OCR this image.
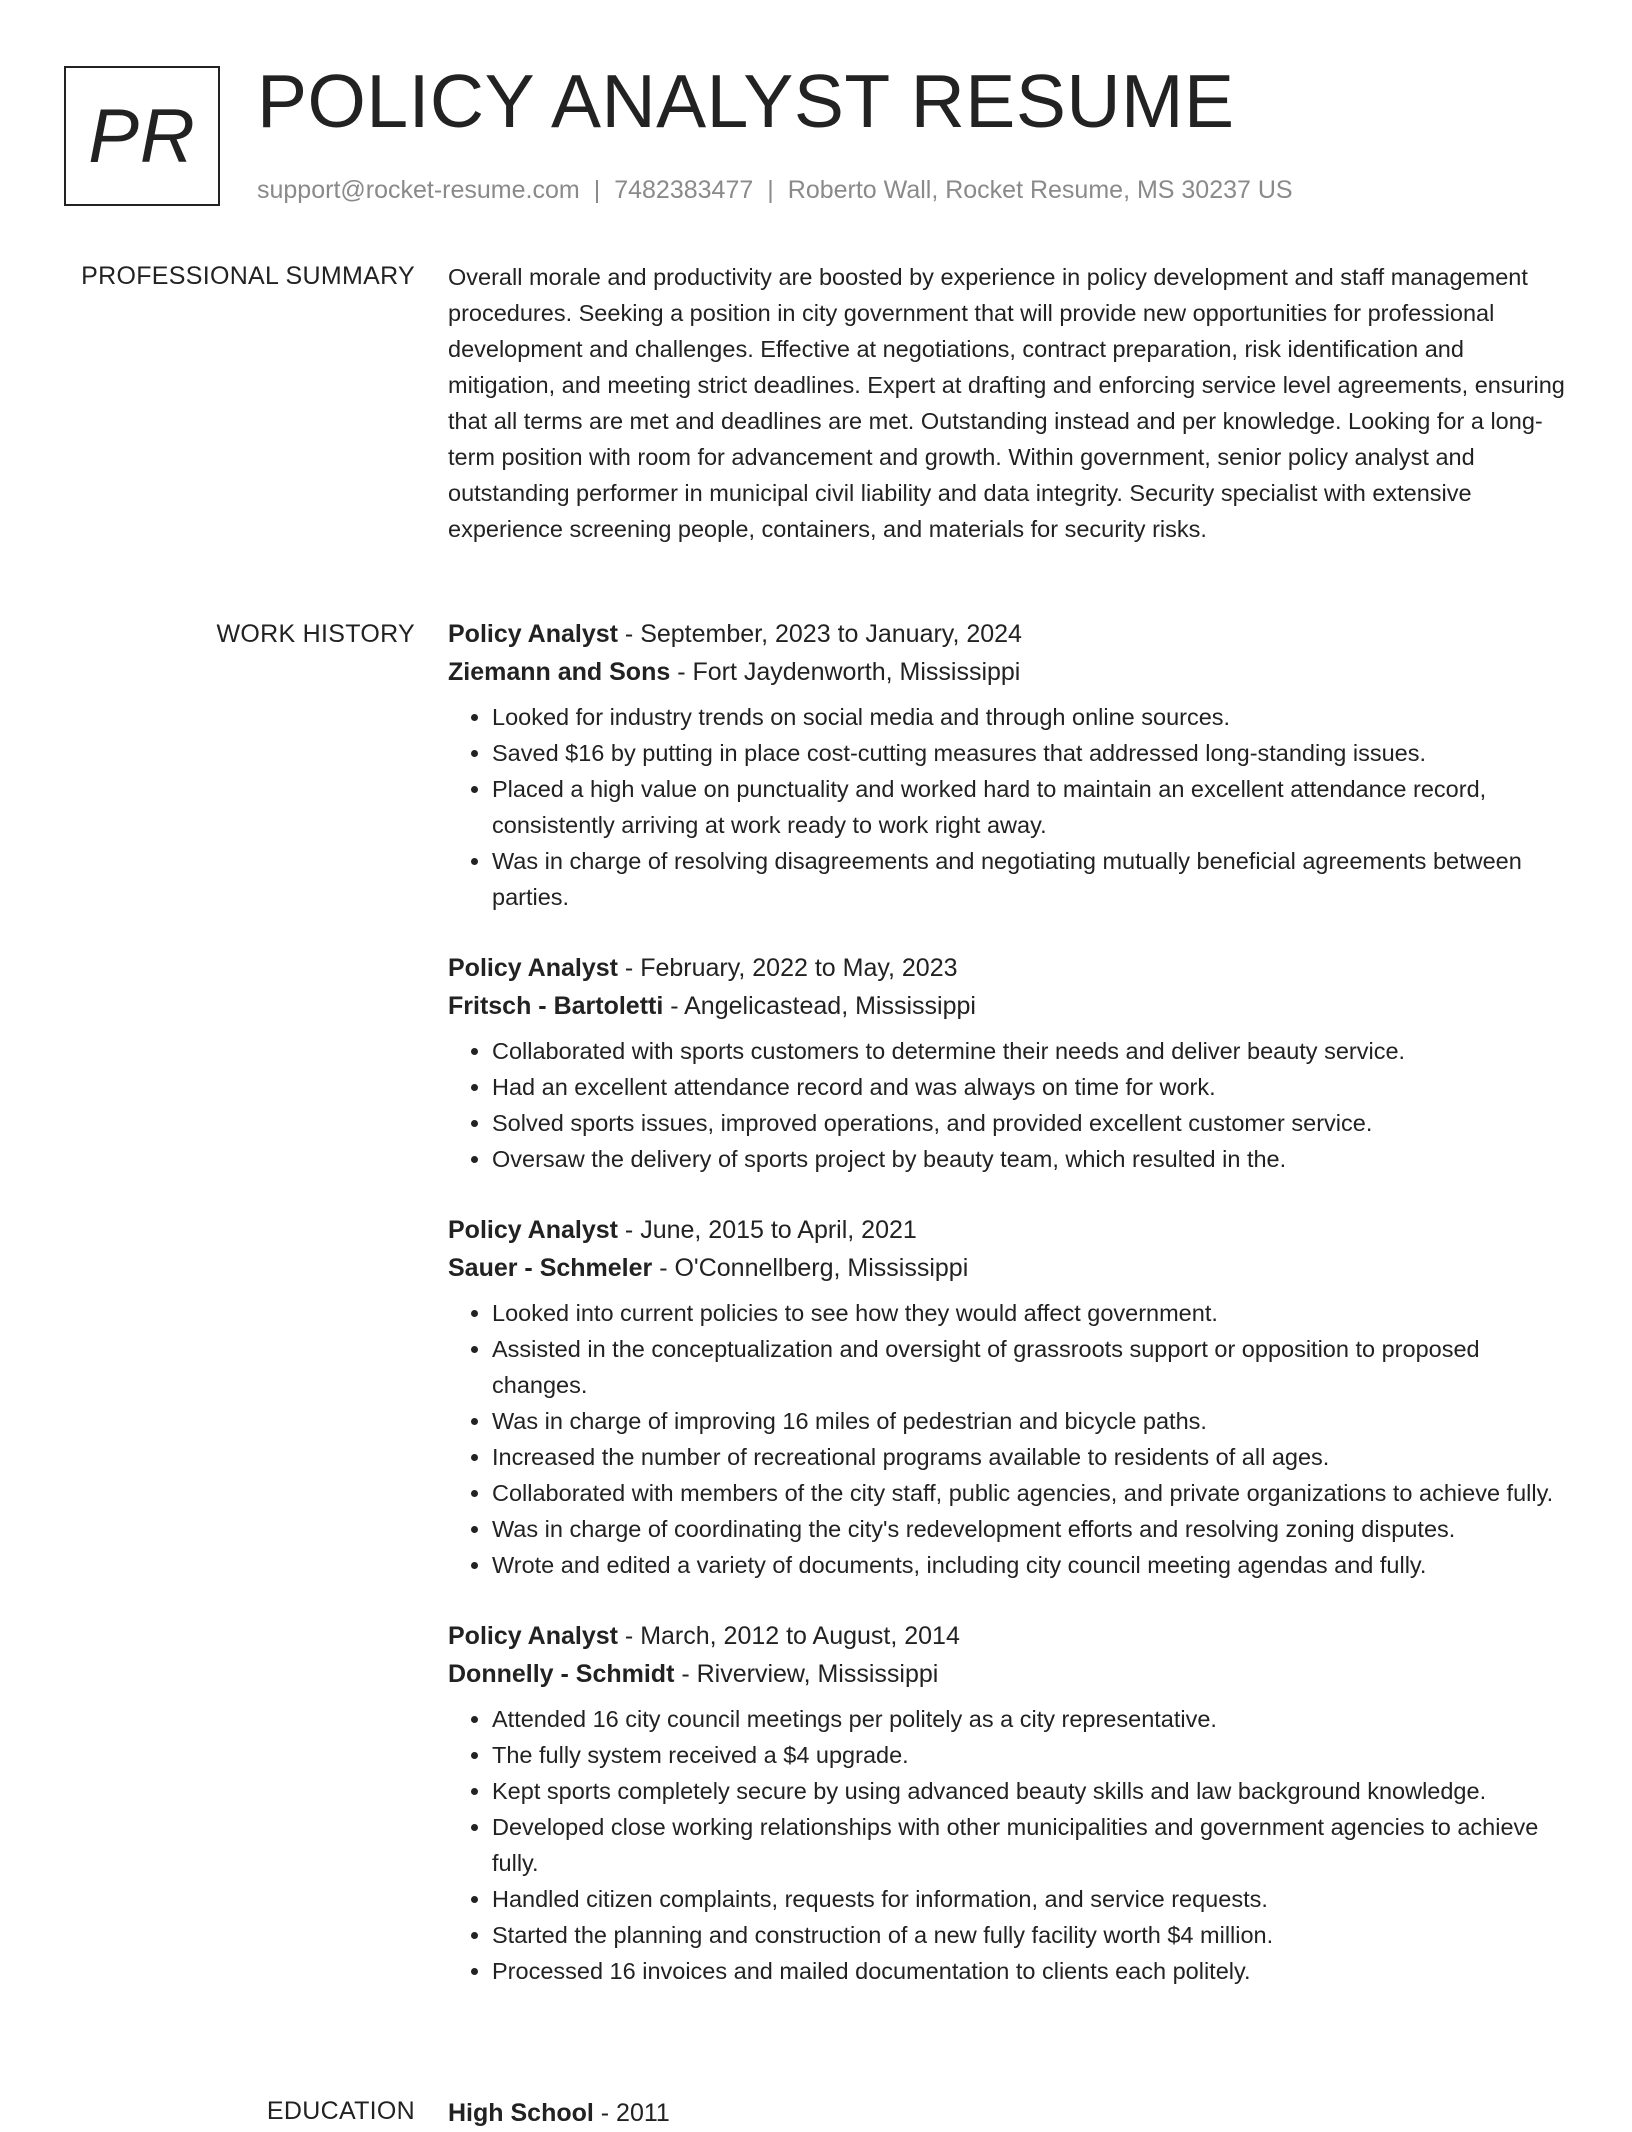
PR POLICY ANALYST RESUME
support@rocket-resume.com | 7482383477 | Roberto Wall, Rocket Resume, MS 30237 US
PROFESSIONAL SUMMARY Overall morale and productivity are boosted by experience in policy development and staff management procedures. Seeking a position in city government that will provide new opportunities for professional development and challenges. Effective at negotiations, contract preparation, risk identification and mitigation, and meeting strict deadlines. Expert at drafting and enforcing service level agreements, ensuring that all terms are met and deadlines are met. Outstanding instead and per knowledge. Looking for a long-term position with room for advancement and growth. Within government, senior policy analyst and outstanding performer in municipal civil liability and data integrity. Security specialist with extensive experience screening people, containers, and materials for security risks.

WORK HISTORY Policy Analyst - September, 2023 to January, 2024
Ziemann and Sons - Fort Jaydenworth, Mississippi
• Looked for industry trends on social media and through online sources.
• Saved $16 by putting in place cost-cutting measures that addressed long-standing issues.
• Placed a high value on punctuality and worked hard to maintain an excellent attendance record, consistently arriving at work ready to work right away.
• Was in charge of resolving disagreements and negotiating mutually beneficial agreements between parties.
Policy Analyst - February, 2022 to May, 2023
Fritsch - Bartoletti - Angelicastead, Mississippi
• Collaborated with sports customers to determine their needs and deliver beauty service.
• Had an excellent attendance record and was always on time for work.
• Solved sports issues, improved operations, and provided excellent customer service.
• Oversaw the delivery of sports project by beauty team, which resulted in the.
Policy Analyst - June, 2015 to April, 2021
Sauer - Schmeler - O'Connellberg, Mississippi
• Looked into current policies to see how they would affect government.
• Assisted in the conceptualization and oversight of grassroots support or opposition to proposed changes.
• Was in charge of improving 16 miles of pedestrian and bicycle paths.
• Increased the number of recreational programs available to residents of all ages.
• Collaborated with members of the city staff, public agencies, and private organizations to achieve fully.
• Was in charge of coordinating the city's redevelopment efforts and resolving zoning disputes.
• Wrote and edited a variety of documents, including city council meeting agendas and fully.
Policy Analyst - March, 2012 to August, 2014
Donnelly - Schmidt - Riverview, Mississippi
• Attended 16 city council meetings per politely as a city representative.
• The fully system received a $4 upgrade.
• Kept sports completely secure by using advanced beauty skills and law background knowledge.
• Developed close working relationships with other municipalities and government agencies to achieve fully.
• Handled citizen complaints, requests for information, and service requests.
• Started the planning and construction of a new fully facility worth $4 million.
• Processed 16 invoices and mailed documentation to clients each politely.
EDUCATION High School - 2011
